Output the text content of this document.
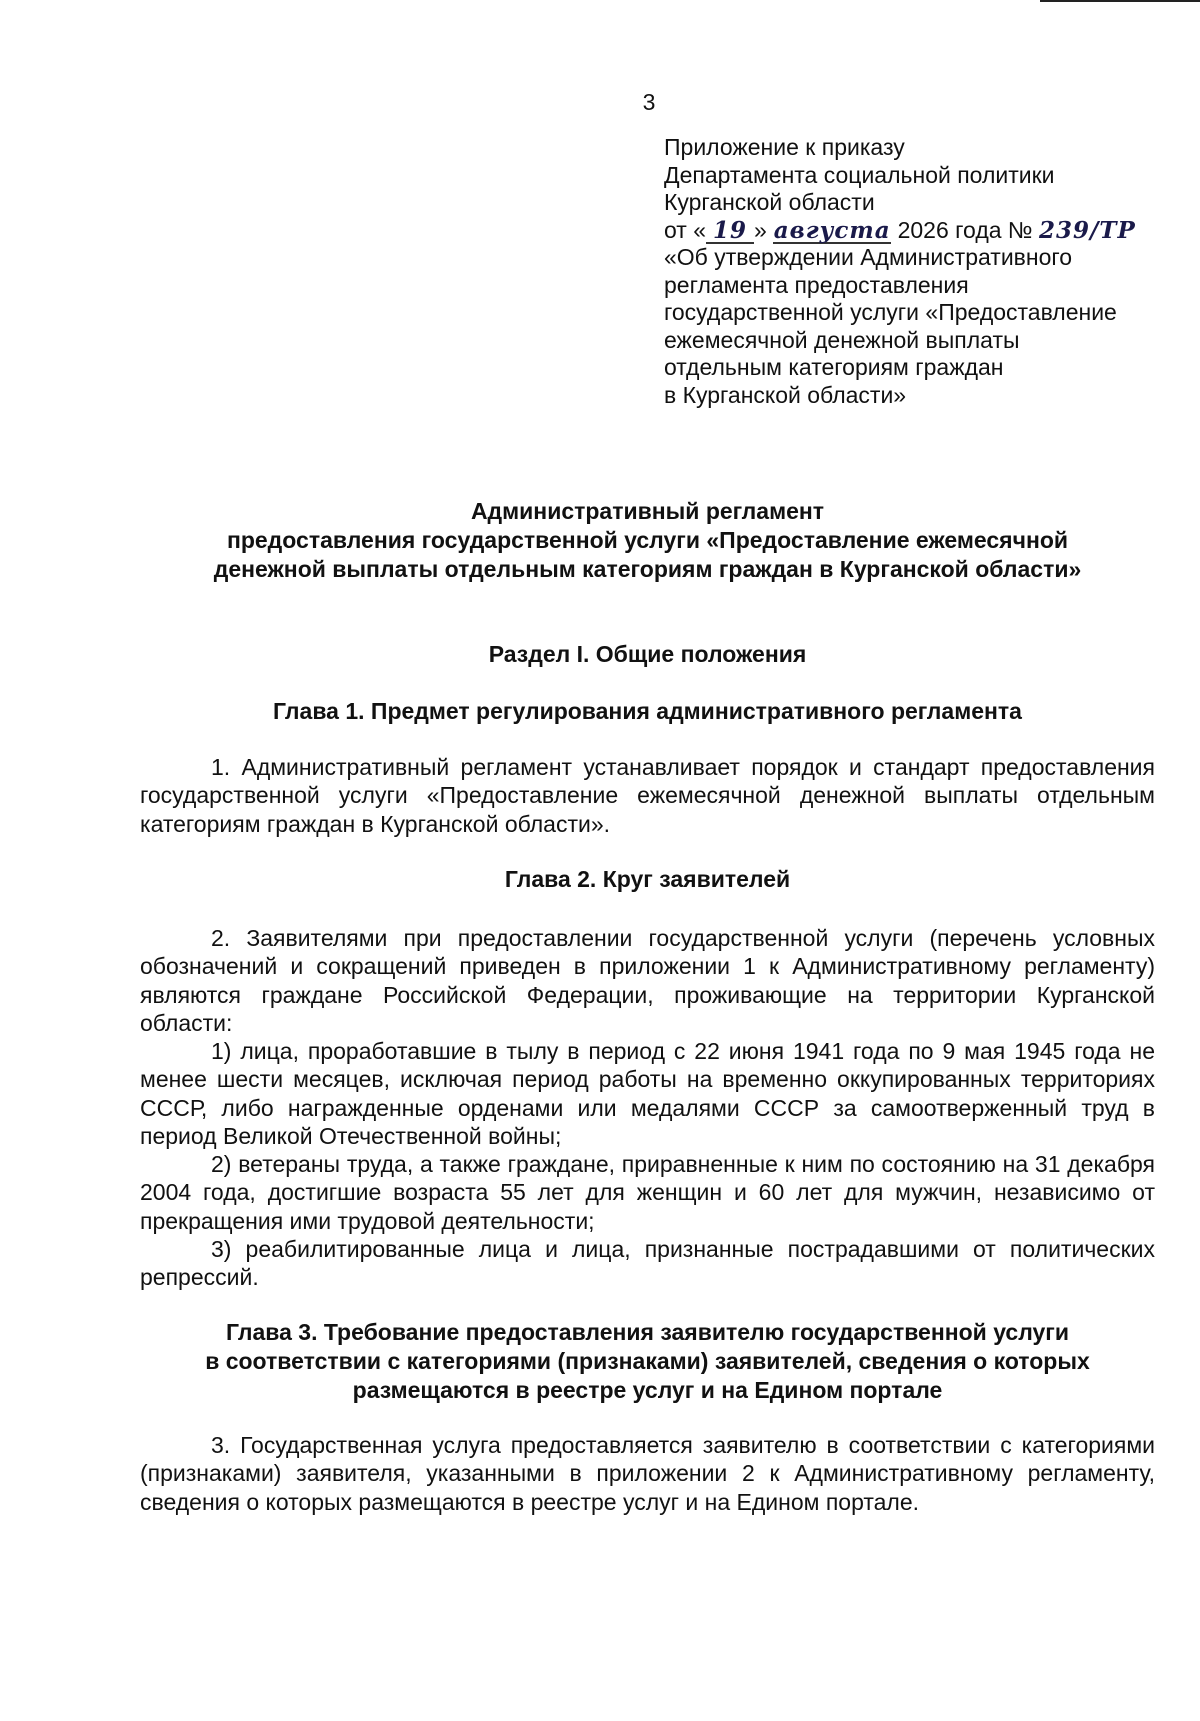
3
Приложение к приказу
Департамента социальной политики
Курганской области
от « 19 » августа 2026 года № 239/ТР
«Об утверждении Административного
регламента предоставления
государственной услуги «Предоставление
ежемесячной денежной выплаты
отдельным категориям граждан
в Курганской области»
Административный регламент
предоставления государственной услуги «Предоставление ежемесячной
денежной выплаты отдельным категориям граждан в Курганской области»
Раздел I. Общие положения
Глава 1. Предмет регулирования административного регламента
1. Административный регламент устанавливает порядок и стандарт предоставления государственной услуги «Предоставление ежемесячной денежной выплаты отдельным категориям граждан в Курганской области».
Глава 2. Круг заявителей
2. Заявителями при предоставлении государственной услуги (перечень условных обозначений и сокращений приведен в приложении 1 к Административному регламенту) являются граждане Российской Федерации, проживающие на территории Курганской области:
1) лица, проработавшие в тылу в период с 22 июня 1941 года по 9 мая 1945 года не менее шести месяцев, исключая период работы на временно оккупированных территориях СССР, либо награжденные орденами или медалями СССР за самоотверженный труд в период Великой Отечественной войны;
2) ветераны труда, а также граждане, приравненные к ним по состоянию на 31 декабря 2004 года, достигшие возраста 55 лет для женщин и 60 лет для мужчин, независимо от прекращения ими трудовой деятельности;
3) реабилитированные лица и лица, признанные пострадавшими от политических репрессий.
Глава 3. Требование предоставления заявителю государственной услуги
в соответствии с категориями (признаками) заявителей, сведения о которых
размещаются в реестре услуг и на Едином портале
3. Государственная услуга предоставляется заявителю в соответствии с категориями (признаками) заявителя, указанными в приложении 2 к Административному регламенту, сведения о которых размещаются в реестре услуг и на Едином портале.
